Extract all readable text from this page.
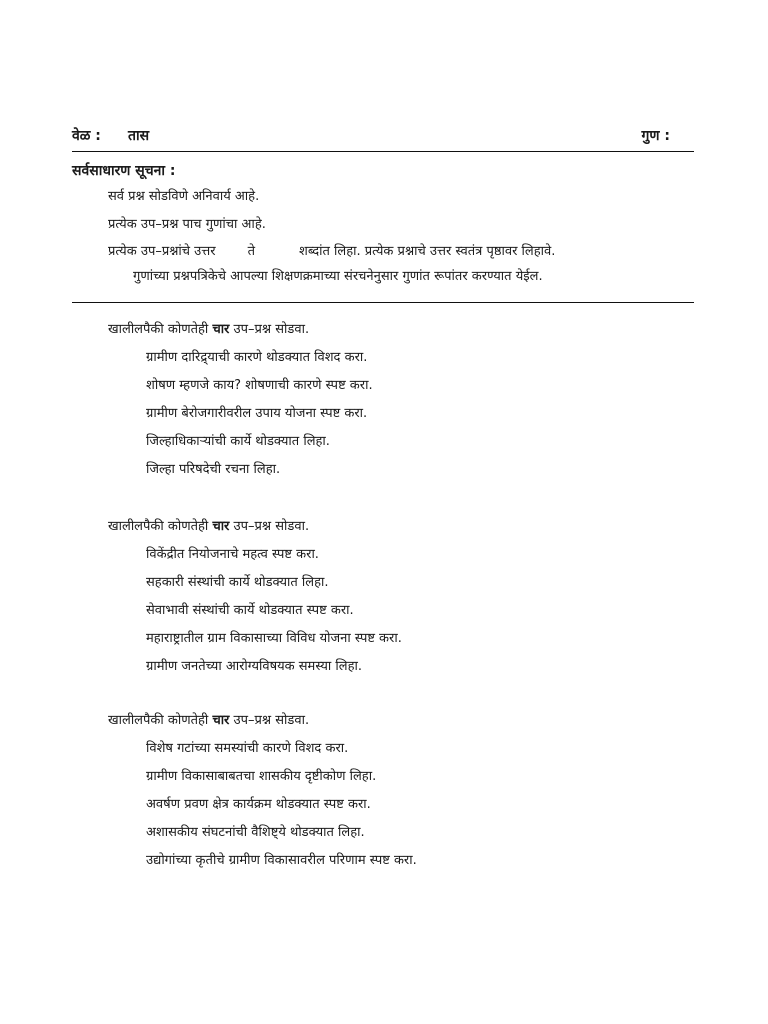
वेळ : तास	गुण :
सर्वसाधारण सूचना :
सर्व प्रश्न सोडविणे अनिवार्य आहे.
प्रत्येक उप–प्रश्न पाच गुणांचा आहे.
प्रत्येक उप–प्रश्नांचे उत्तर ते	शब्दांत लिहा. प्रत्येक प्रश्नाचे उत्तर स्वतंत्र पृष्ठावर लिहावे.
गुणांच्या प्रश्नपत्रिकेचे आपल्या शिक्षणक्रमाच्या संरचनेनुसार गुणांत रूपांतर करण्यात येईल.
खालीलपैकी कोणतेही चार उप–प्रश्न सोडवा.
ग्रामीण दारिद्र्याची कारणे थोडक्यात विशद करा.
शोषण म्हणजे काय? शोषणाची कारणे स्पष्ट करा.
ग्रामीण बेरोजगारीवरील उपाय योजना स्पष्ट करा.
जिल्हाधिकाऱ्यांची कार्ये थोडक्यात लिहा.
जिल्हा परिषदेची रचना लिहा.
खालीलपैकी कोणतेही चार उप–प्रश्न सोडवा.
विकेंद्रीत नियोजनाचे महत्व स्पष्ट करा.
सहकारी संस्थांची कार्ये थोडक्यात लिहा.
सेवाभावी संस्थांची कार्ये थोडक्यात स्पष्ट करा.
महाराष्ट्रातील ग्राम विकासाच्या विविध योजना स्पष्ट करा.
ग्रामीण जनतेच्या आरोग्यविषयक समस्या लिहा.
खालीलपैकी कोणतेही चार उप–प्रश्न सोडवा.
विशेष गटांच्या समस्यांची कारणे विशद करा.
ग्रामीण विकासाबाबतचा शासकीय दृष्टीकोण लिहा.
अवर्षण प्रवण क्षेत्र कार्यक्रम थोडक्यात स्पष्ट करा.
अशासकीय संघटनांची वैशिष्ट्ये थोडक्यात लिहा.
उद्योगांच्या कृतीचे ग्रामीण विकासावरील परिणाम स्पष्ट करा.
